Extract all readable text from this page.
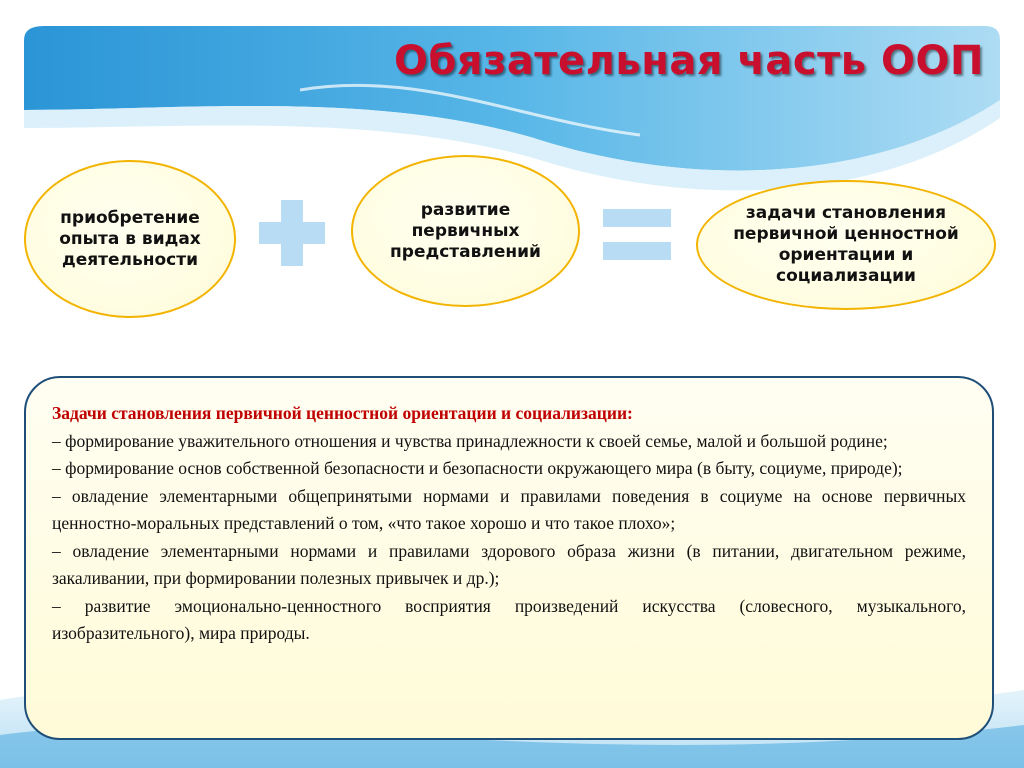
Обязательная часть ООП
приобретение опыта в видах деятельности
развитие первичных представлений
задачи становления первичной ценностной ориентации и социализации

Задачи становления первичной ценностной ориентации и социализации:

– формирование уважительного отношения и чувства принадлежности к своей семье, малой и большой родине;

– формирование основ собственной безопасности и безопасности окружающего мира (в быту, социуме, природе);

– овладение элементарными общепринятыми нормами и правилами поведения в социуме на основе первичных ценностно-моральных представлений о том, «что такое хорошо и что такое плохо»;

– овладение элементарными нормами и правилами здорового образа жизни (в питании, двигательном режиме, закаливании, при формировании полезных привычек и др.);

– развитие эмоционально-ценностного восприятия произведений искусства (словесного, музыкального, изобразительного), мира природы.
